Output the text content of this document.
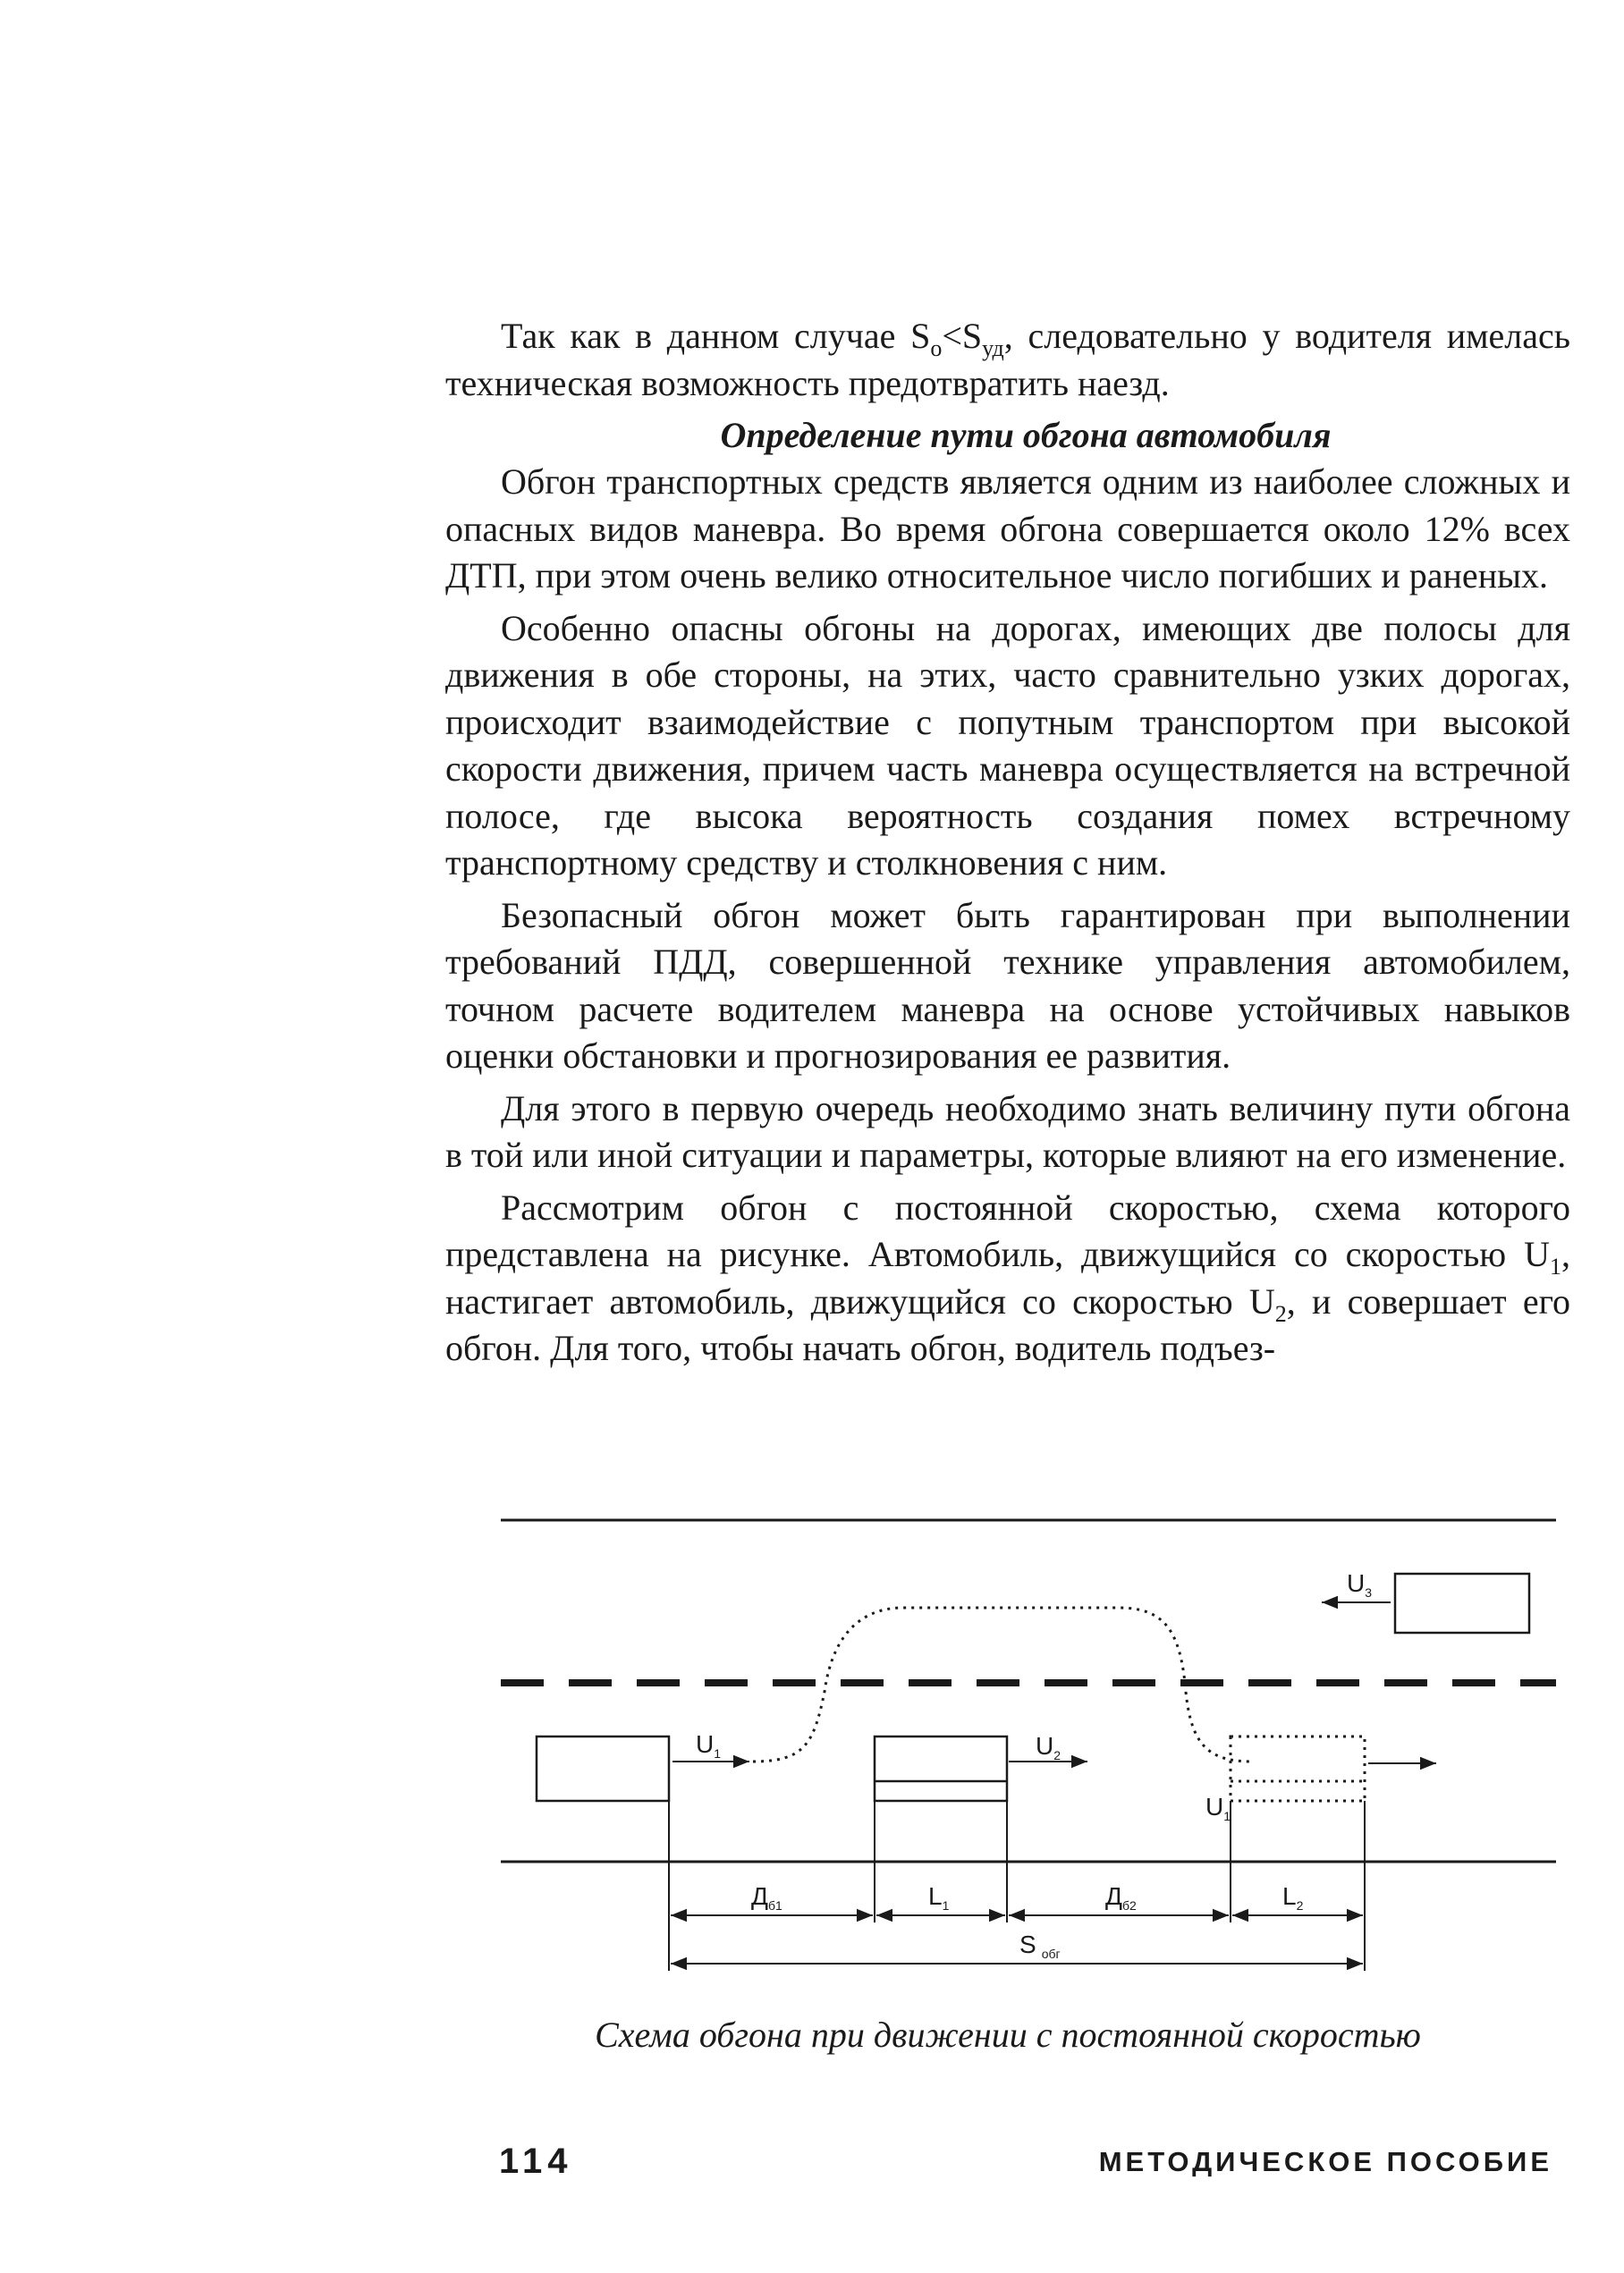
Так как в данном случае $S_о<S_{уд}$, следовательно у водителя имелась техническая возможность предотвратить наезд.

Определение пути обгона автомобиля

Обгон транспортных средств является одним из наиболее сложных и опасных видов маневра. Во время обгона совершается около 12% всех ДТП, при этом очень велико относительное число погибших и раненых.

Особенно опасны обгоны на дорогах, имеющих две полосы для движения в обе стороны, на этих, часто сравнительно узких дорогах, происходит взаимодействие с попутным транспортом при высокой скорости движения, причем часть маневра осуществляется на встречной полосе, где высока вероятность создания помех встречному транспортному средству и столкновения с ним.

Безопасный обгон может быть гарантирован при выполнении требований ПДД, совершенной технике управления автомобилем, точном расчете водителем маневра на основе устойчивых навыков оценки обстановки и прогнозирования ее развития.

Для этого в первую очередь необходимо знать величину пути обгона в той или иной ситуации и параметры, которые влияют на его изменение.

Рассмотрим обгон с постоянной скоростью, схема которого представлена на рисунке. Автомобиль, движущийся со скоростью $U_1$, настигает автомобиль, движущийся со скоростью $U_2$, и совершает его обгон. Для того, чтобы начать обгон, водитель подъез-

$U_3$
$U_1$	$U_2$
$U_1$
$Д_{б1}$	$L_1$	$Д_{б2}$	$L_2$
S $_{обг}$
Схема обгона при движении с постоянной скоростью
114	МЕТОДИЧЕСКОЕ ПОСОБИЕ
